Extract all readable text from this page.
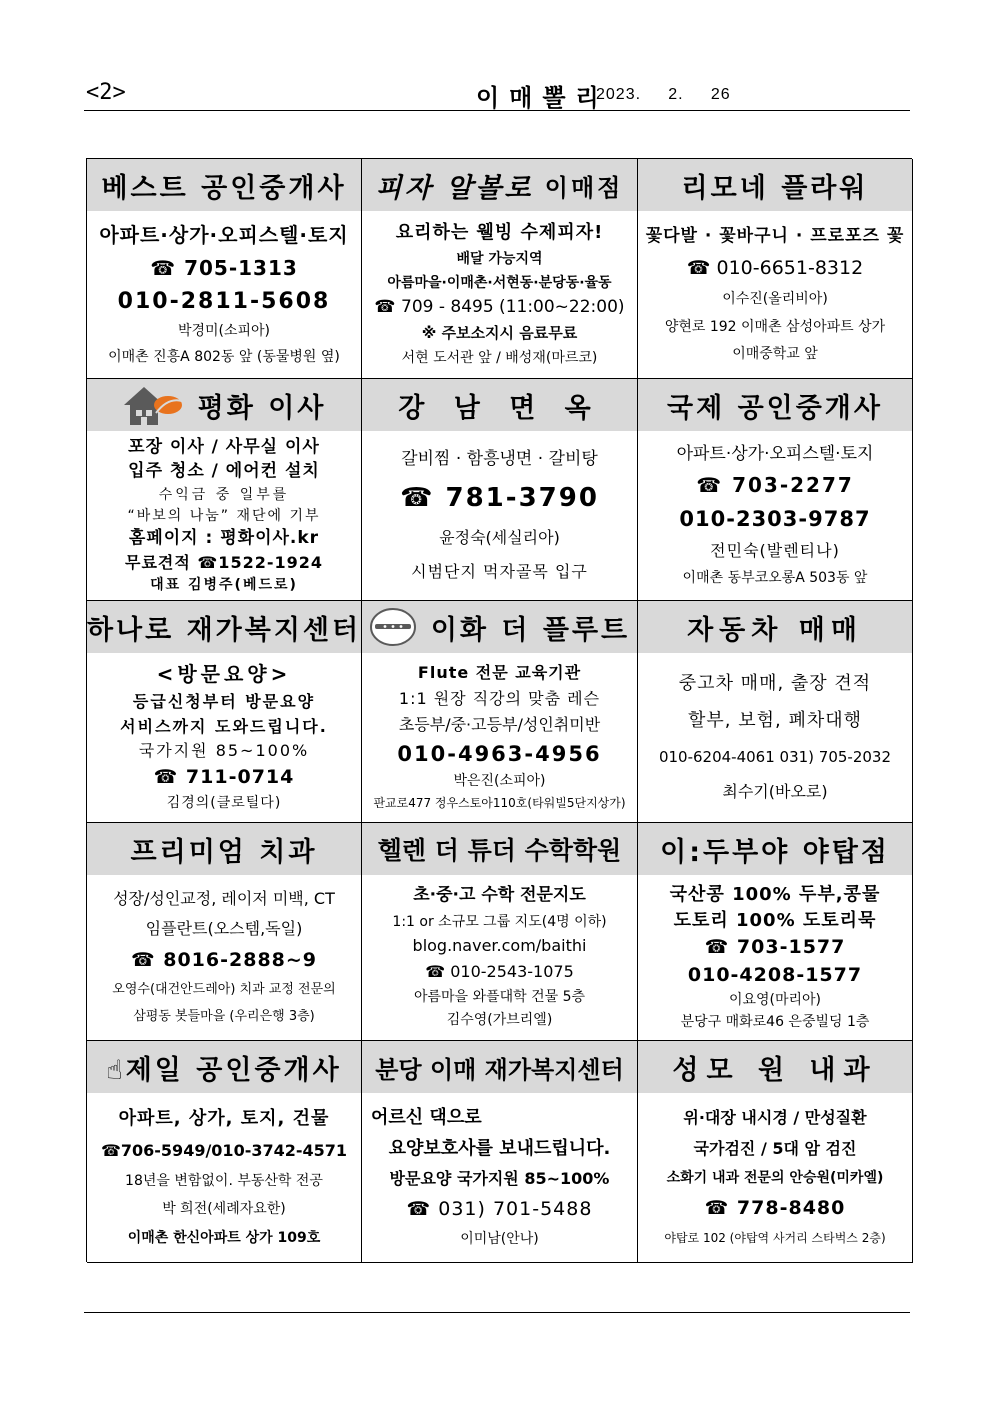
<2>	이매뽈리
2023.     2.     26
베스트 공인중개사
아파트·상가·오피스텔·토지
☎ 705-1313
010-2811-5608
박경미(소피아)
이매촌 진흥A 802동 앞 (동물병원 옆)
피자 알볼로 이매점
요리하는 웰빙 수제피자!
배달 가능지역
아름마을·이매촌·서현동·분당동·율동
☎ 709 - 8495 (11:00~22:00)
※ 주보소지시 음료무료
서현 도서관 앞 / 배성재(마르코)
리모네 플라워
꽃다발 · 꽃바구니 · 프로포즈 꽃
☎ 010-6651-8312
이수진(올리비아)
양현로 192 이매촌 삼성아파트 상가
이매중학교 앞
평화 이사
포장 이사 / 사무실 이사
입주 청소 / 에어컨 설치
수익금 중 일부를
“바보의 나눔” 재단에 기부
홈페이지 : 평화이사.kr
무료견적 ☎1522-1924
대표 김병주(베드로)
강 남 면 옥
갈비찜 · 함흥냉면 · 갈비탕
☎ 781-3790
윤정숙(세실리아)
시범단지 먹자골목 입구
국제 공인중개사
아파트·상가·오피스텔·토지
☎ 703-2277
010-2303-9787
전민숙(발렌티나)
이매촌 동부코오롱A 503동 앞
하나로 재가복지센터
<방문요양>
등급신청부터 방문요양
서비스까지 도와드립니다.
국가지원 85~100%
☎ 711-0714
김경의(클로틸다)
이화 더 플루트
Flute 전문 교육기관
1:1 원장 직강의 맞춤 레슨
초등부/중·고등부/성인취미반
010-4963-4956
박은진(소피아)
판교로477 정우스토아110호(타워빌5단지상가)
자동차 매매
중고차 매매, 출장 견적
할부, 보험, 폐차대행
010-6204-4061 031) 705-2032
최수기(바오로)
프리미엄 치과
성장/성인교정, 레이저 미백, CT
임플란트(오스템,독일)
☎ 8016-2888~9
오영수(대건안드레아) 치과 교정 전문의
삼평동 봇들마을 (우리은행 3층)
헬렌 더 튜더 수학학원
초·중·고 수학 전문지도
1:1 or 소규모 그룹 지도(4명 이하)
blog.naver.com/baithi
☎ 010-2543-1075
아름마을 와플대학 건물 5층
김수영(가브리엘)
이:두부야 야탑점
국산콩 100% 두부,콩물
도토리 100% 도토리묵
☎ 703-1577
010-4208-1577
이요영(마리아)
분당구 매화로46 은중빌딩 1층
☝제일 공인중개사
아파트, 상가, 토지, 건물
☎706-5949/010-3742-4571
18년을 변함없이. 부동산학 전공
박 희전(세례자요한)
이매촌 한신아파트 상가 109호
분당 이매 재가복지센터
어르신 댁으로
요양보호사를 보내드립니다.
방문요양 국가지원 85~100%
☎ 031) 701-5488
이미남(안나)
성모 원 내과
위·대장 내시경 / 만성질환
국가검진 / 5대 암 검진
소화기 내과 전문의 안승원(미카엘)
☎ 778-8480
야탑로 102 (야탑역 사거리 스타벅스 2층)
